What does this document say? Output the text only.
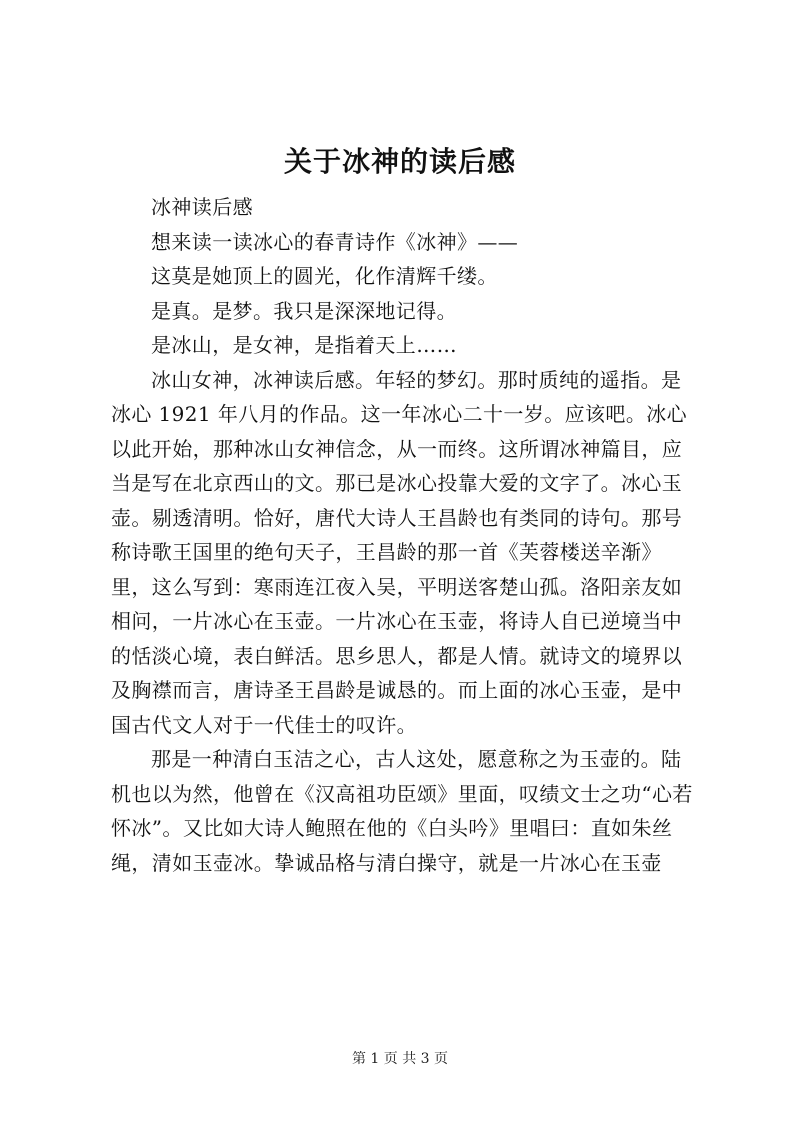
关于冰神的读后感

冰神读后感

想来读一读冰心的春青诗作《冰神》——

这莫是她顶上的圆光，化作清辉千缕。

是真。是梦。我只是深深地记得。

是冰山，是女神，是指着天上……

冰山女神，冰神读后感。年轻的梦幻。那时质纯的遥指。是冰心 1921 年八月的作品。这一年冰心二十一岁。应该吧。冰心以此开始，那种冰山女神信念，从一而终。这所谓冰神篇目，应当是写在北京西山的文。那已是冰心投靠大爱的文字了。冰心玉壶。剔透清明。恰好，唐代大诗人王昌龄也有类同的诗句。那号称诗歌王国里的绝句天子，王昌龄的那一首《芙蓉楼送辛渐》里，这么写到：寒雨连江夜入吴，平明送客楚山孤。洛阳亲友如相问，一片冰心在玉壶。一片冰心在玉壶，将诗人自已逆境当中的恬淡心境，表白鲜活。思乡思人，都是人情。就诗文的境界以及胸襟而言，唐诗圣王昌龄是诚恳的。而上面的冰心玉壶，是中国古代文人对于一代佳士的叹许。

那是一种清白玉洁之心，古人这处，愿意称之为玉壶的。陆机也以为然，他曾在《汉高祖功臣颂》里面，叹绩文士之功“心若怀冰”。又比如大诗人鲍照在他的《白头吟》里唱曰：直如朱丝绳，清如玉壶冰。挚诚品格与清白操守，就是一片冰心在玉壶

第 1 页 共 3 页
